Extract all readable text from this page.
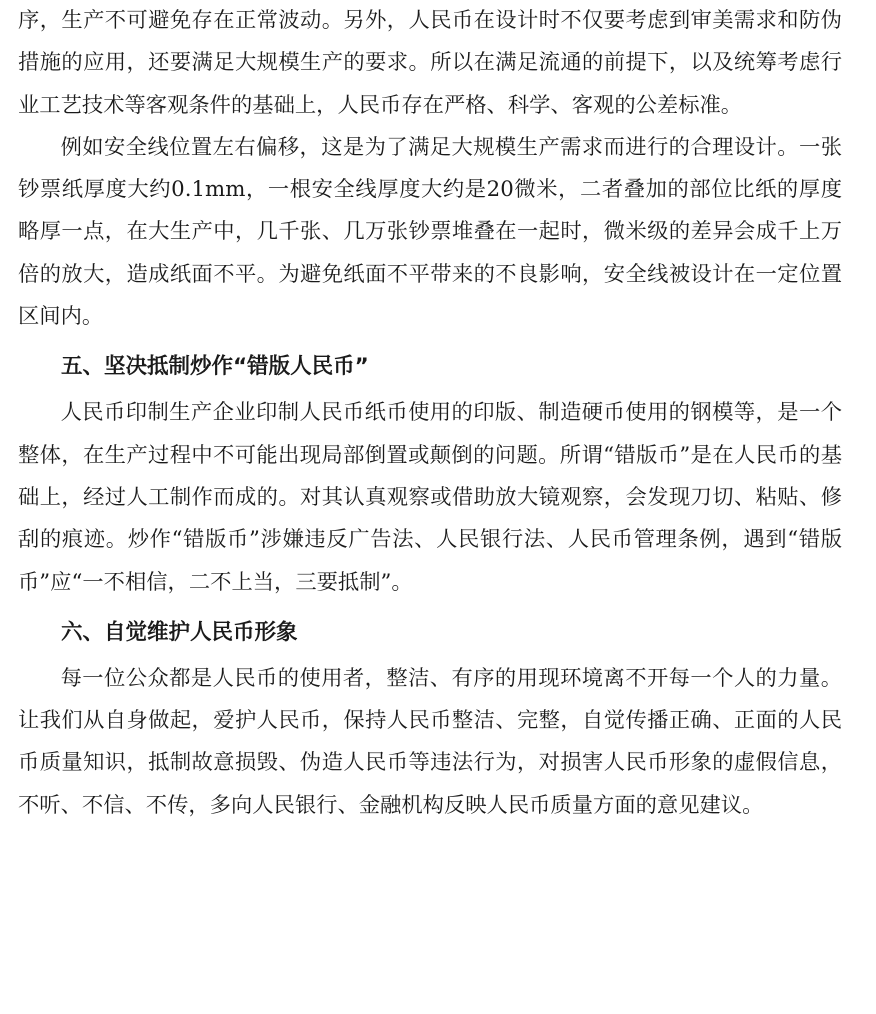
序，生产不可避免存在正常波动。另外，人民币在设计时不仅要考虑到审美需求和防伪措施的应用，还要满足大规模生产的要求。所以在满足流通的前提下，以及统筹考虑行业工艺技术等客观条件的基础上，人民币存在严格、科学、客观的公差标准。

例如安全线位置左右偏移，这是为了满足大规模生产需求而进行的合理设计。一张钞票纸厚度大约0.1mm，一根安全线厚度大约是20微米，二者叠加的部位比纸的厚度略厚一点，在大生产中，几千张、几万张钞票堆叠在一起时，微米级的差异会成千上万倍的放大，造成纸面不平。为避免纸面不平带来的不良影响，安全线被设计在一定位置区间内。

五、坚决抵制炒作“错版人民币”

人民币印制生产企业印制人民币纸币使用的印版、制造硬币使用的钢模等，是一个整体，在生产过程中不可能出现局部倒置或颠倒的问题。所谓“错版币”是在人民币的基础上，经过人工制作而成的。对其认真观察或借助放大镜观察，会发现刀切、粘贴、修刮的痕迹。炒作“错版币”涉嫌违反广告法、人民银行法、人民币管理条例，遇到“错版币”应“一不相信，二不上当，三要抵制”。

六、自觉维护人民币形象

每一位公众都是人民币的使用者，整洁、有序的用现环境离不开每一个人的力量。让我们从自身做起，爱护人民币，保持人民币整洁、完整，自觉传播正确、正面的人民币质量知识，抵制故意损毁、伪造人民币等违法行为，对损害人民币形象的虚假信息，不听、不信、不传，多向人民银行、金融机构反映人民币质量方面的意见建议。
